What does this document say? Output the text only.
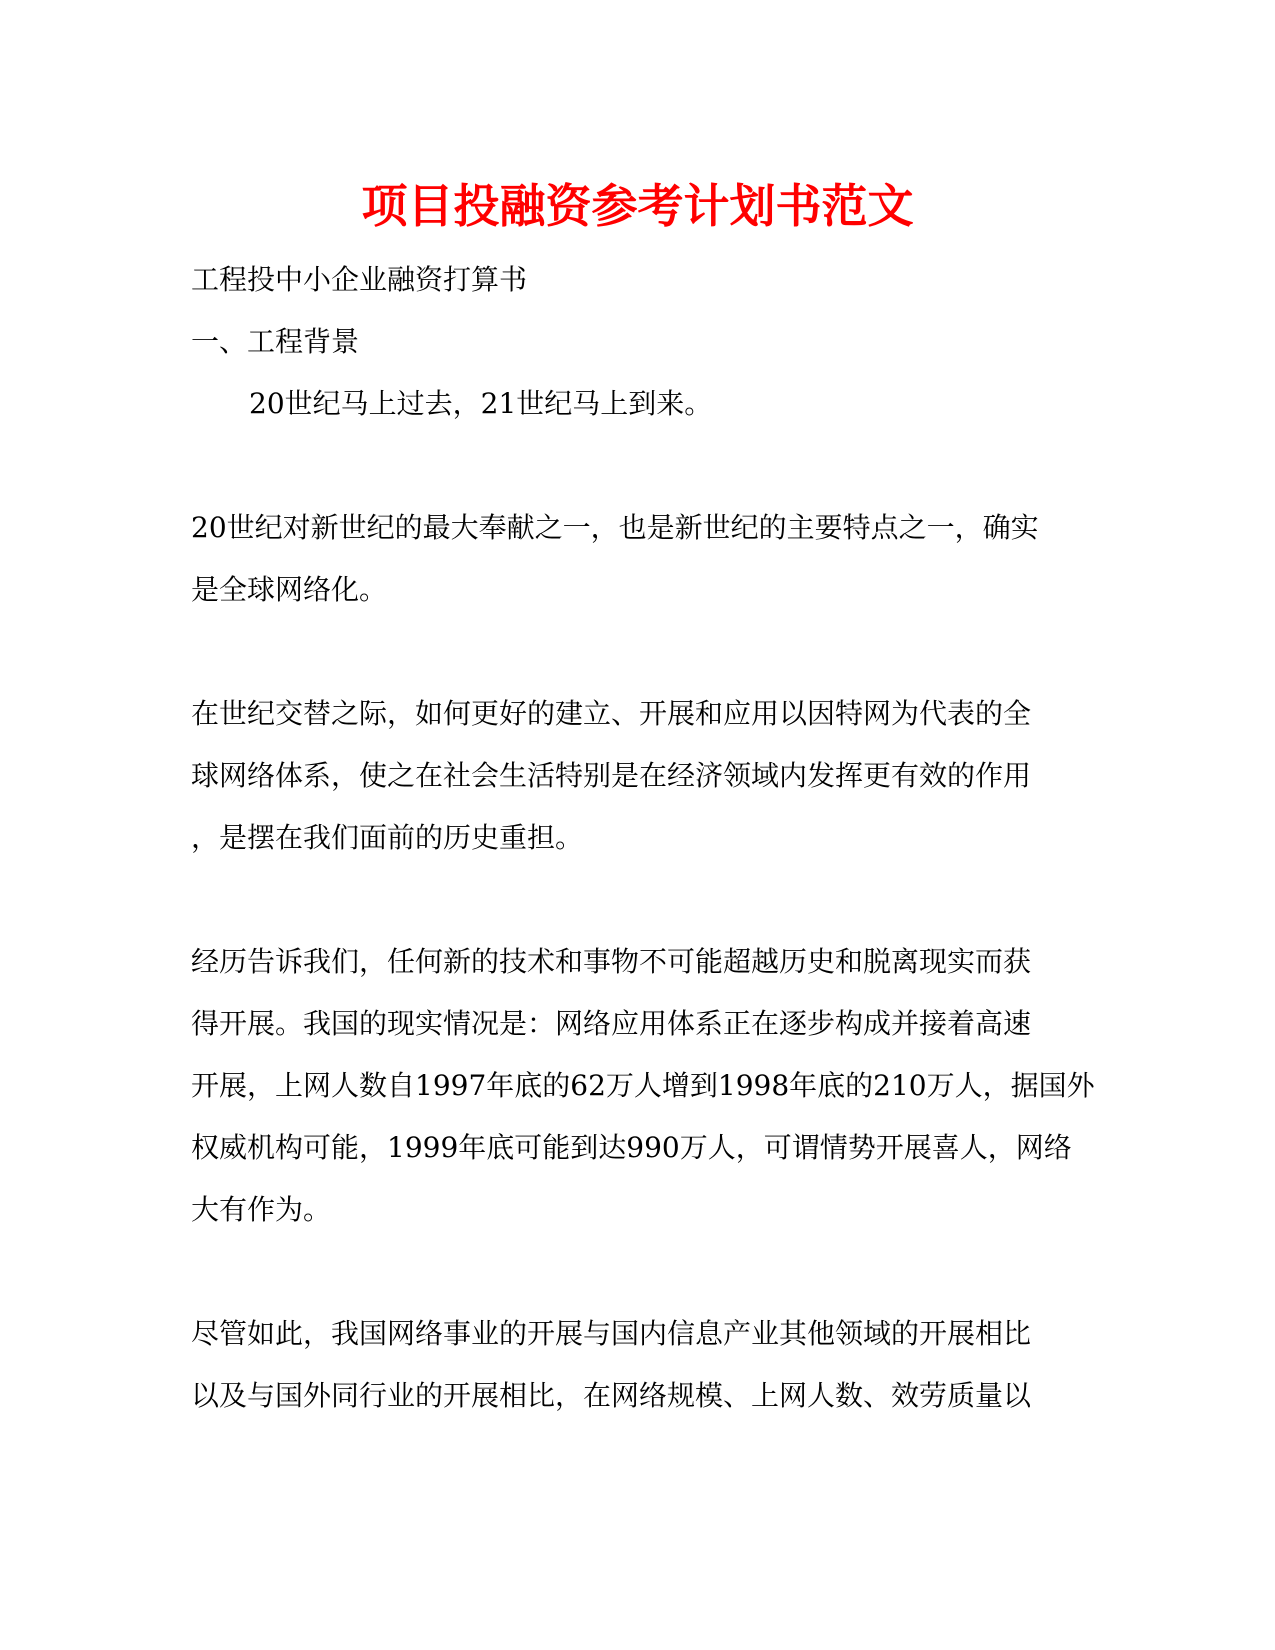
项目投融资参考计划书范文

工程投中小企业融资打算书

一、工程背景

20世纪马上过去，21世纪马上到来。

20世纪对新世纪的最大奉献之一，也是新世纪的主要特点之一，确实

是全球网络化。

在世纪交替之际，如何更好的建立、开展和应用以因特网为代表的全

球网络体系，使之在社会生活特别是在经济领域内发挥更有效的作用

，是摆在我们面前的历史重担。

经历告诉我们，任何新的技术和事物不可能超越历史和脱离现实而获

得开展。我国的现实情况是：网络应用体系正在逐步构成并接着高速

开展，上网人数自1997年底的62万人增到1998年底的210万人，据国外

权威机构可能，1999年底可能到达990万人，可谓情势开展喜人，网络

大有作为。

尽管如此，我国网络事业的开展与国内信息产业其他领域的开展相比

以及与国外同行业的开展相比，在网络规模、上网人数、效劳质量以
